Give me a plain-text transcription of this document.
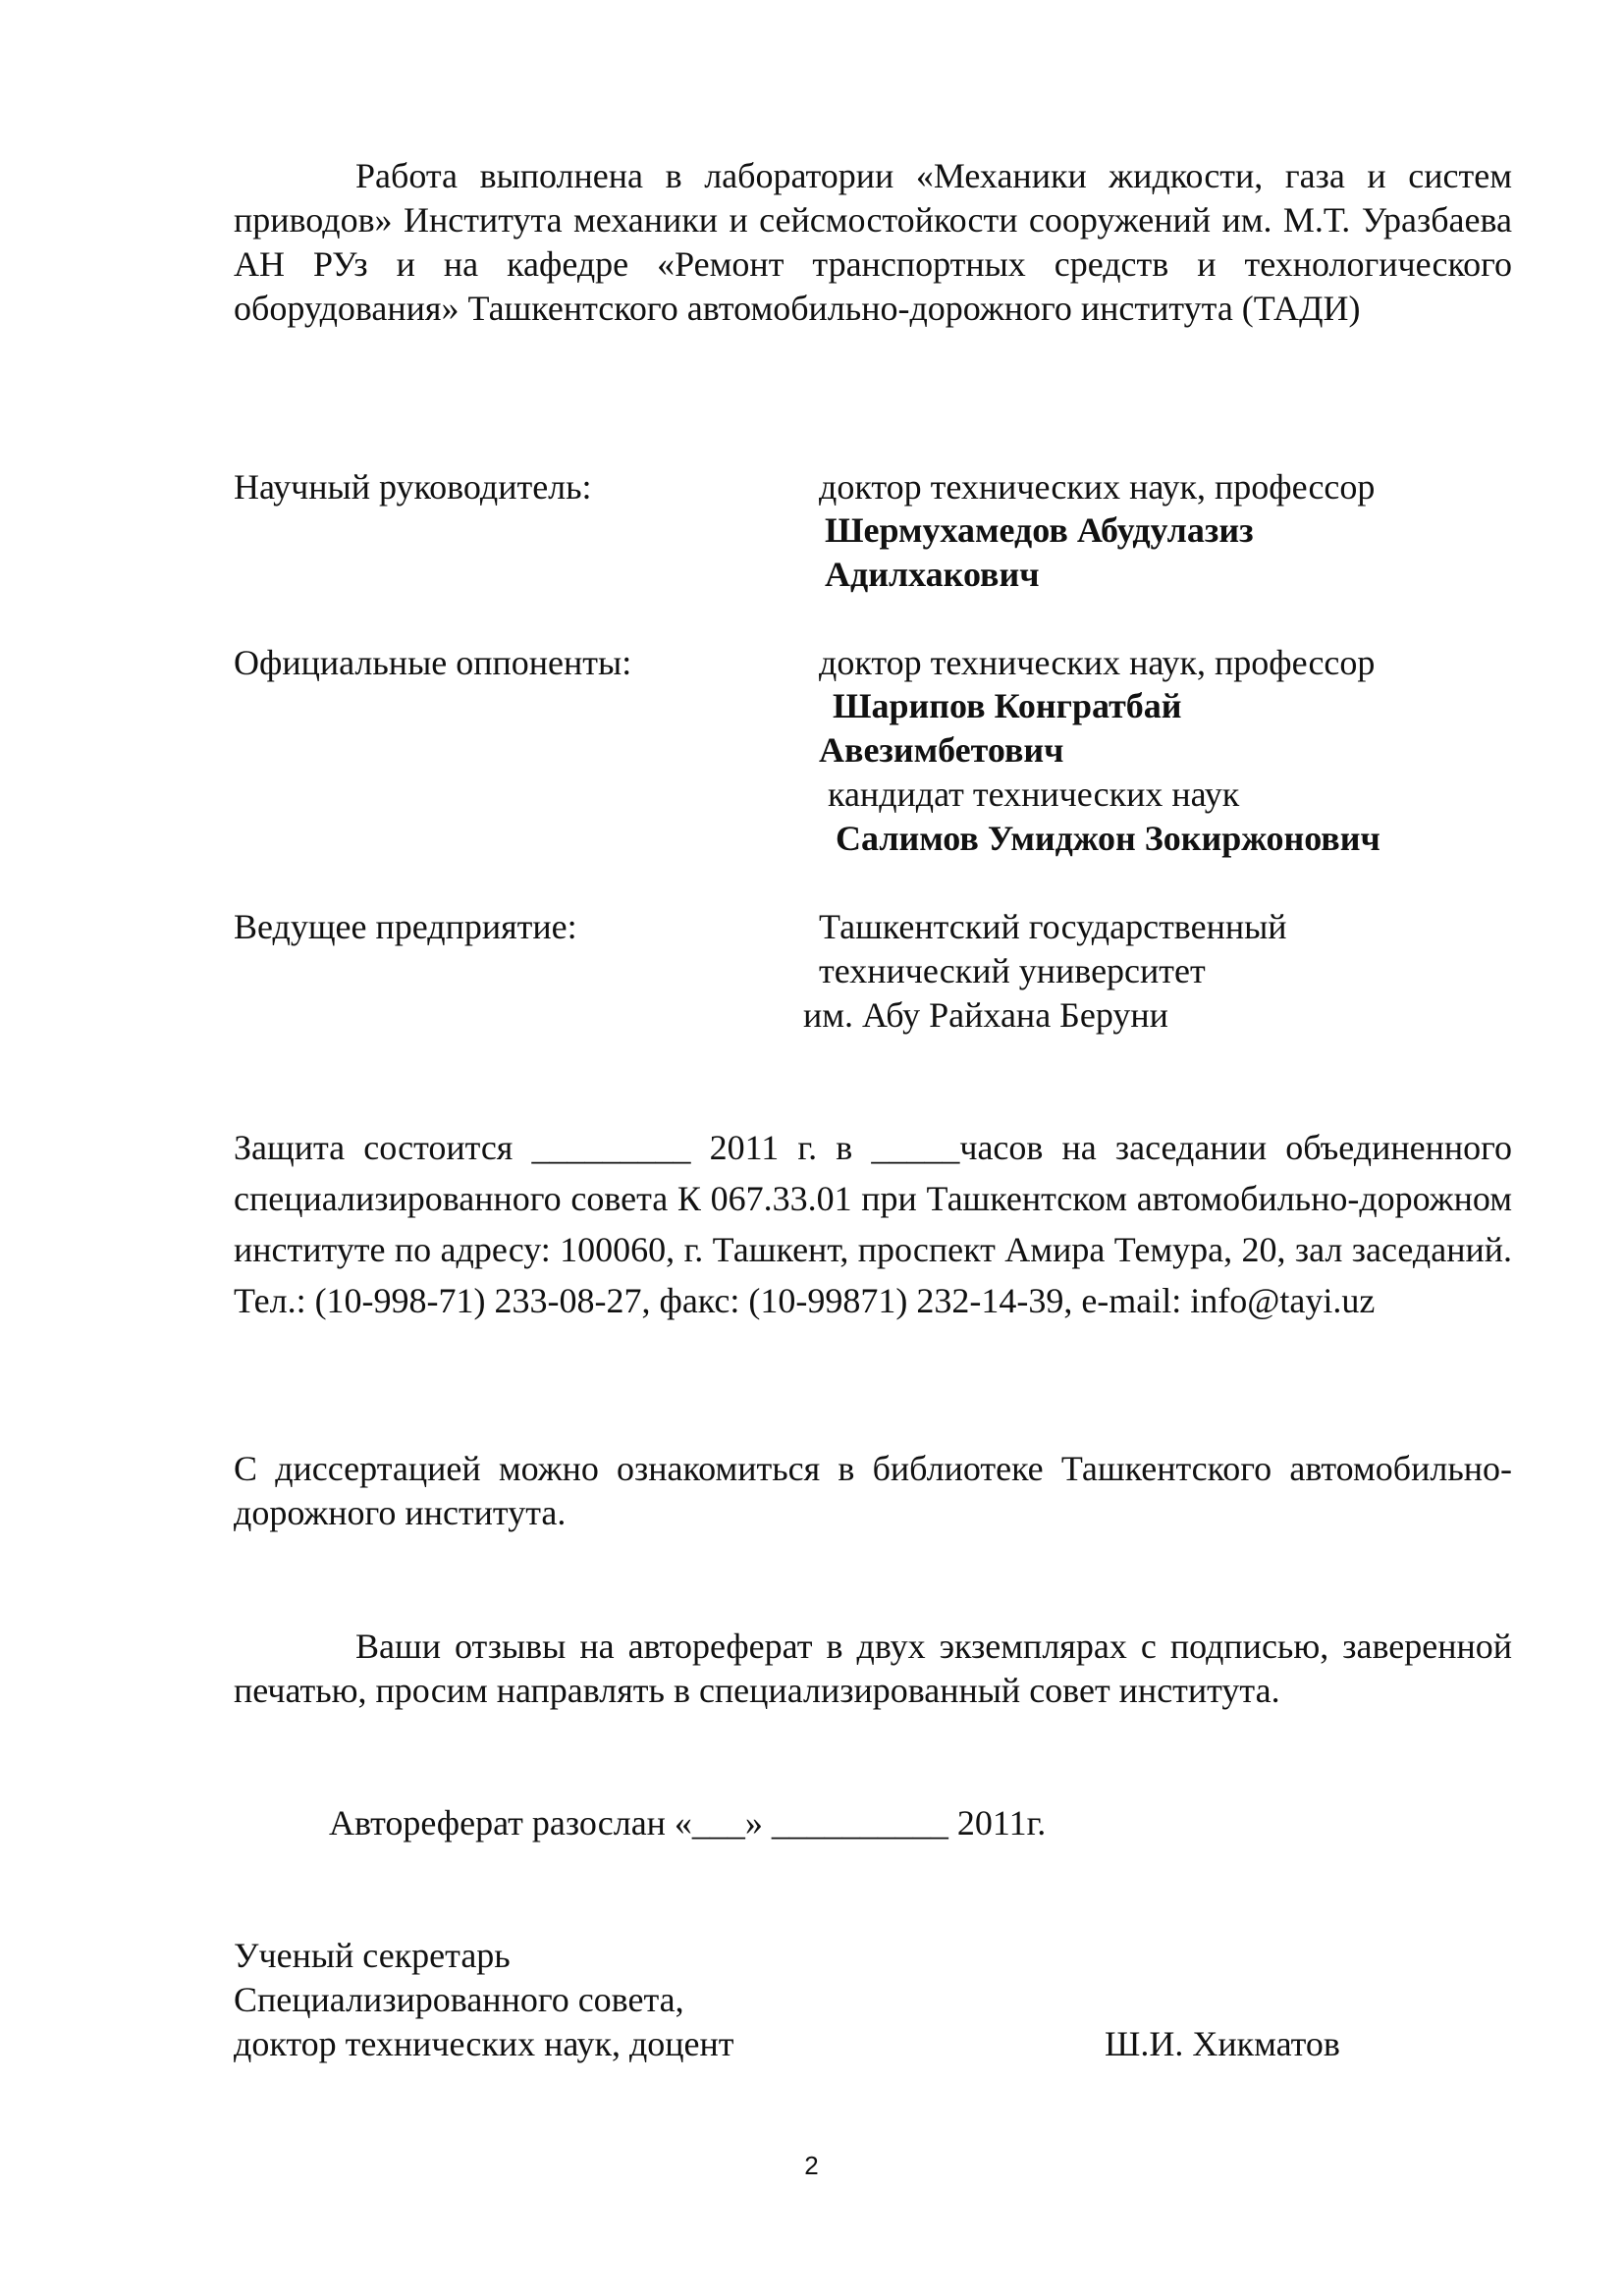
Работа выполнена в лаборатории «Механики жидкости, газа и систем приводов» Института механики и сейсмостойкости сооружений им. М.Т. Уразбаева АН РУз и на кафедре «Ремонт транспортных средств и технологического оборудования» Ташкентского автомобильно-дорожного института (ТАДИ)

Научный руководитель:	доктор технических наук, профессор

Шермухамедов Абудулазиз

Адилхакович

Официальные оппоненты:	доктор технических наук, профессор

Шарипов Конгратбай

Авезимбетович

кандидат технических наук

Салимов Умиджон Зокиржонович

Ведущее предприятие:	Ташкентский государственный

технический университет

им. Абу Райхана Беруни

Защита состоится _________ 2011 г. в _____часов на заседании объединенного специализированного совета К 067.33.01 при Ташкентском автомобильно-дорожном институте по адресу: 100060, г. Ташкент, проспект Амира Темура, 20, зал заседаний. Тел.: (10-998-71) 233-08-27, факс: (10-99871) 232-14-39, e-mail: info@tayi.uz

С диссертацией можно ознакомиться в библиотеке Ташкентского автомобильно-дорожного института.

Ваши отзывы на автореферат в двух экземплярах с подписью, заверенной печатью, просим направлять в специализированный совет института.

Автореферат разослан «___» __________ 2011г.

Ученый секретарь

Специализированного совета,

доктор технических наук, доцент	Ш.И. Хикматов

2
